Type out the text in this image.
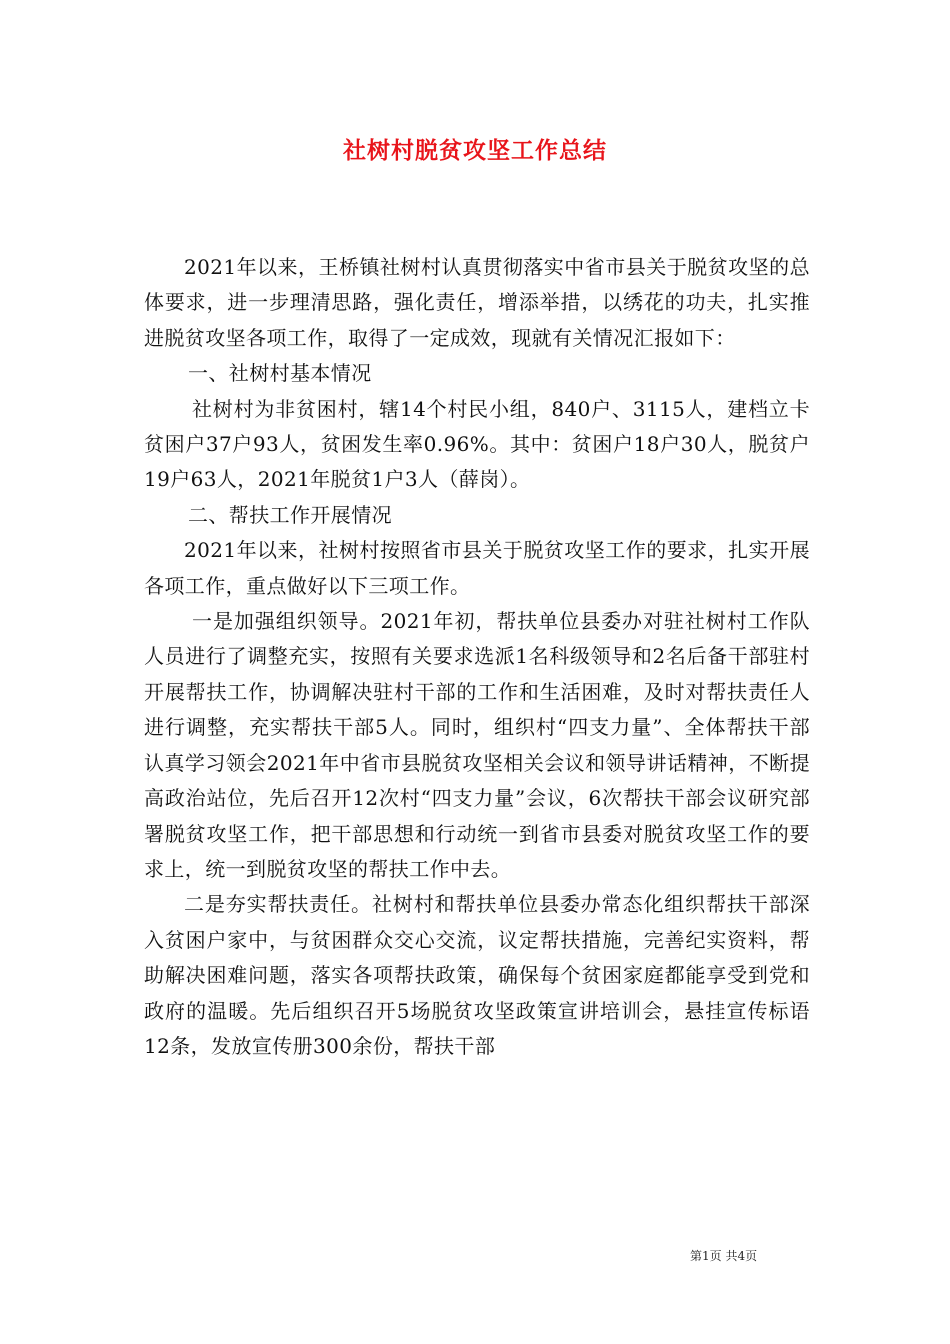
社树村脱贫攻坚工作总结

2021年以来，王桥镇社树村认真贯彻落实中省市县关于脱贫攻坚的总体要求，进一步理清思路，强化责任，增添举措，以绣花的功夫，扎实推进脱贫攻坚各项工作，取得了一定成效，现就有关情况汇报如下：

一、社树村基本情况

社树村为非贫困村，辖14个村民小组，840户、3115人，建档立卡贫困户37户93人，贫困发生率0.96%。其中：贫困户18户30人，脱贫户19户63人，2021年脱贫1户3人（薛岗）。

二、帮扶工作开展情况

2021年以来，社树村按照省市县关于脱贫攻坚工作的要求，扎实开展各项工作，重点做好以下三项工作。

一是加强组织领导。2021年初，帮扶单位县委办对驻社树村工作队人员进行了调整充实，按照有关要求选派1名科级领导和2名后备干部驻村开展帮扶工作，协调解决驻村干部的工作和生活困难，及时对帮扶责任人进行调整，充实帮扶干部5人。同时，组织村“四支力量”、全体帮扶干部认真学习领会2021年中省市县脱贫攻坚相关会议和领导讲话精神，不断提高政治站位，先后召开12次村“四支力量”会议，6次帮扶干部会议研究部署脱贫攻坚工作，把干部思想和行动统一到省市县委对脱贫攻坚工作的要求上，统一到脱贫攻坚的帮扶工作中去。

二是夯实帮扶责任。社树村和帮扶单位县委办常态化组织帮扶干部深入贫困户家中，与贫困群众交心交流，议定帮扶措施，完善纪实资料，帮助解决困难问题，落实各项帮扶政策，确保每个贫困家庭都能享受到党和政府的温暖。先后组织召开5场脱贫攻坚政策宣讲培训会，悬挂宣传标语12条，发放宣传册300余份，帮扶干部

第1页 共4页
